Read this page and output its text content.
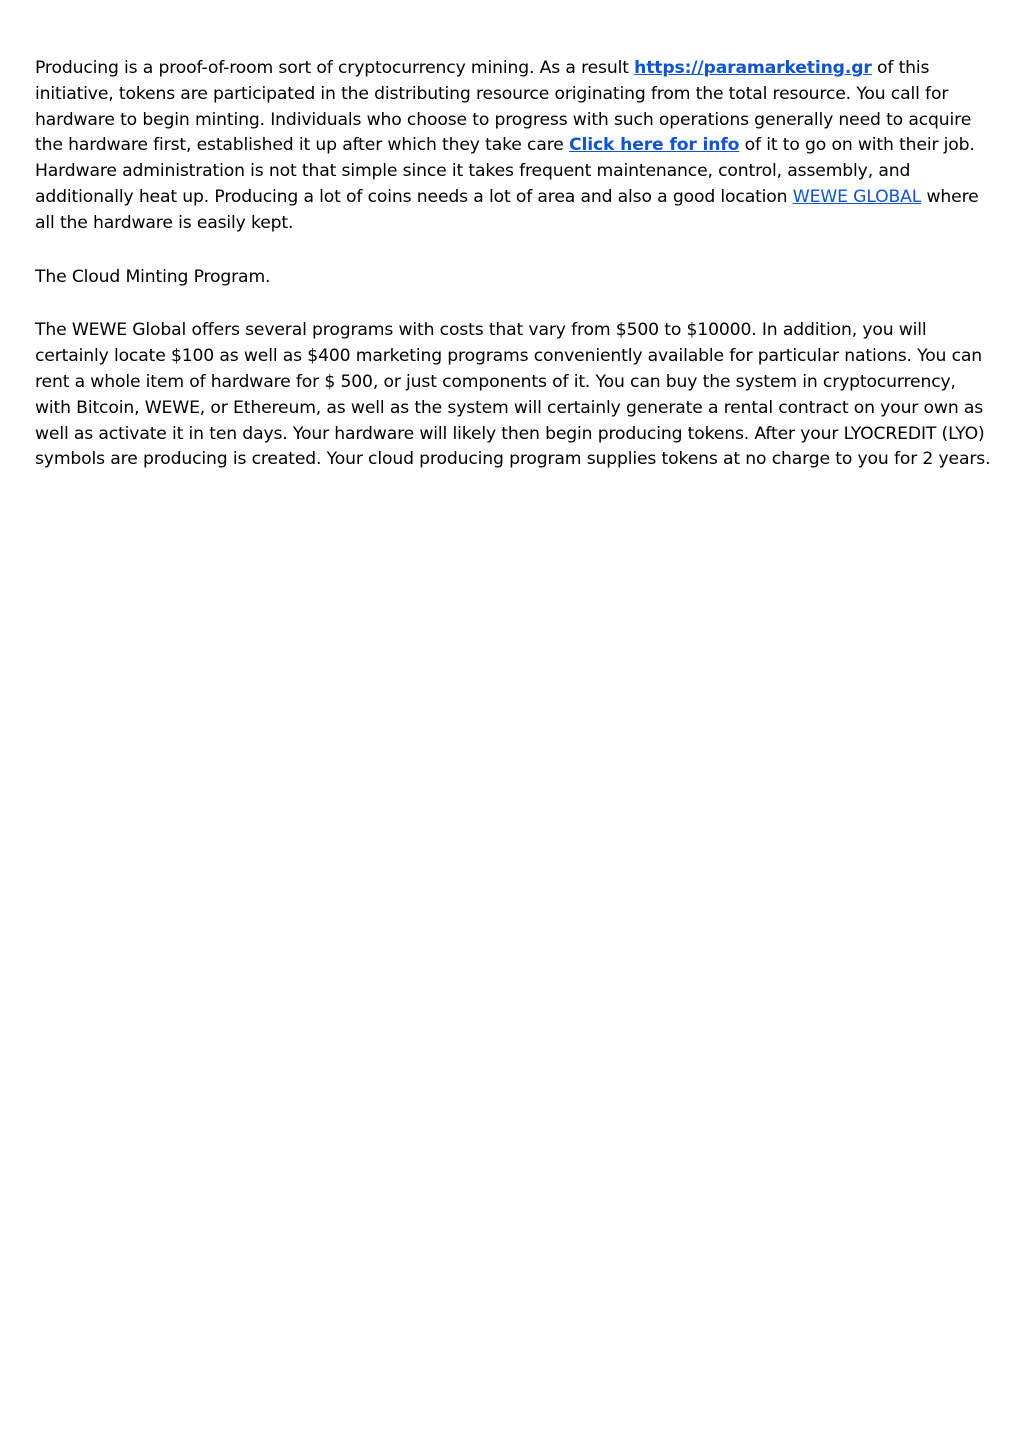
Producing is a proof-of-room sort of cryptocurrency mining. As a result https://paramarketing.gr of this initiative, tokens are participated in the distributing resource originating from the total resource. You call for hardware to begin minting. Individuals who choose to progress with such operations generally need to acquire the hardware first, established it up after which they take care Click here for info of it to go on with their job. Hardware administration is not that simple since it takes frequent maintenance, control, assembly, and additionally heat up. Producing a lot of coins needs a lot of area and also a good location WEWE GLOBAL where all the hardware is easily kept.

The Cloud Minting Program.

The WEWE Global offers several programs with costs that vary from $500 to $10000. In addition, you will certainly locate $100 as well as $400 marketing programs conveniently available for particular nations. You can rent a whole item of hardware for $ 500, or just components of it. You can buy the system in cryptocurrency, with Bitcoin, WEWE, or Ethereum, as well as the system will certainly generate a rental contract on your own as well as activate it in ten days. Your hardware will likely then begin producing tokens. After your LYOCREDIT (LYO) symbols are producing is created. Your cloud producing program supplies tokens at no charge to you for 2 years.
